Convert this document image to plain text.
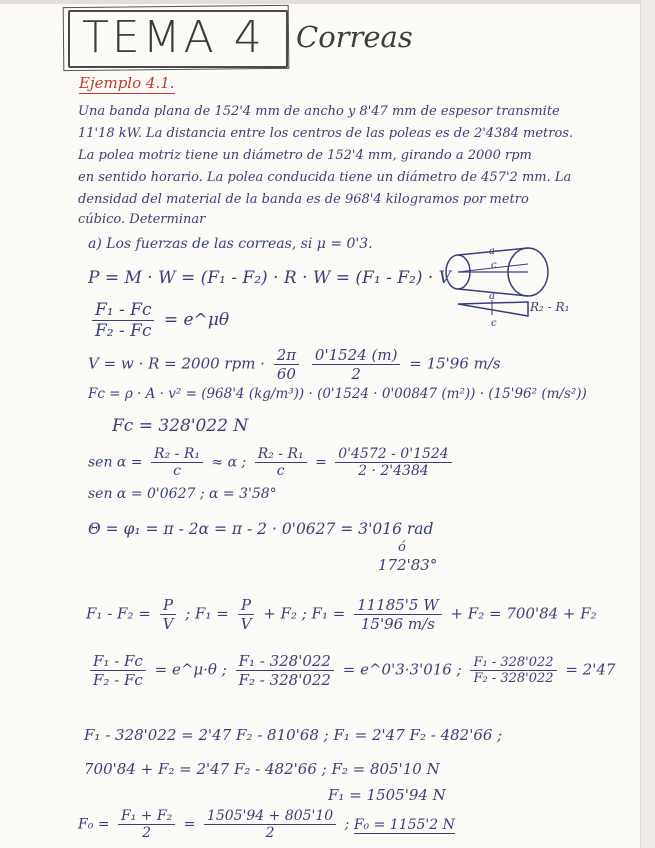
TEMA 4 Correas
Ejemplo 4.1.
Una banda plana de 152'4 mm de ancho y 8'47 mm de espesor transmite
11'18 kW. La distancia entre los centros de las poleas es de 2'4384 metros.
La polea motriz tiene un diámetro de 152'4 mm, girando a 2000 rpm
en sentido horario. La polea conducida tiene un diámetro de 457'2 mm. La
densidad del material de la banda es de 968'4 kilogramos por metro
cúbico. Determinar
a) Los fuerzas de las correas, si μ = 0'3.	a
c
a
c
R₂ - R₁
P = M · W = (F₁ - F₂) · R · W = (F₁ - F₂) · V
$\frac{\text{F₁ - Fc}}{\text{F₂ - Fc}}$ = e^μθ
V = w · R = 2000 rpm · $\frac{2\pi}{60}$
$\frac{0'1524 (m)}{2} = 15'96$ m/s
Fc = ρ · A · v² = (968'4 (kg/m³)) · (0'1524 · 0'00847 (m²)) · (15'96² (m/s²))
Fc = 328'022 N
sen $\alpha = \frac{\text{R₂ - R₁}}{c} \approx \alpha$ ; $\frac{\text{R₂ - R₁}}{c} = \frac{0'4572 - 0'1524}{2 \cdot 2'4384}$
sen α = 0'0627 ; α = 3'58°
Θ = φ₁ = π - 2α = π - 2 · 0'0627 = 3'016 rad
ó
172'83°
$F_1 - F_2 = \frac{P}{V}$ ; $F_1 = \frac{P}{V} + F_2$ ; $F_1 = \frac{11185'5 W}{15'96 m/s} + F_2 = 700'84 + F_2$
$\frac{\text{F₁ - Fc}}{\text{F₂ - Fc}}$ = e^μ·θ ; $\frac{\text{F₁ - 328'022}}{\text{F₂ - 328'022}}$ = e^0'3·3'016 ; $\frac{\text{F₁ - 328'022}}{\text{F₂ - 328'022}} = 2'47$
F₁ - 328'022 = 2'47 F₂ - 810'68 ; F₁ = 2'47 F₂ - 482'66 ;
700'84 + F₂ = 2'47 F₂ - 482'66 ; F₂ = 805'10 N
F₁ = 1505'94 N
$F_0 = \frac{\text{F₁ + F₂}}{2} = \frac{1505'94 + 805'10}{2}$ ; F₀ = 1155'2 N
